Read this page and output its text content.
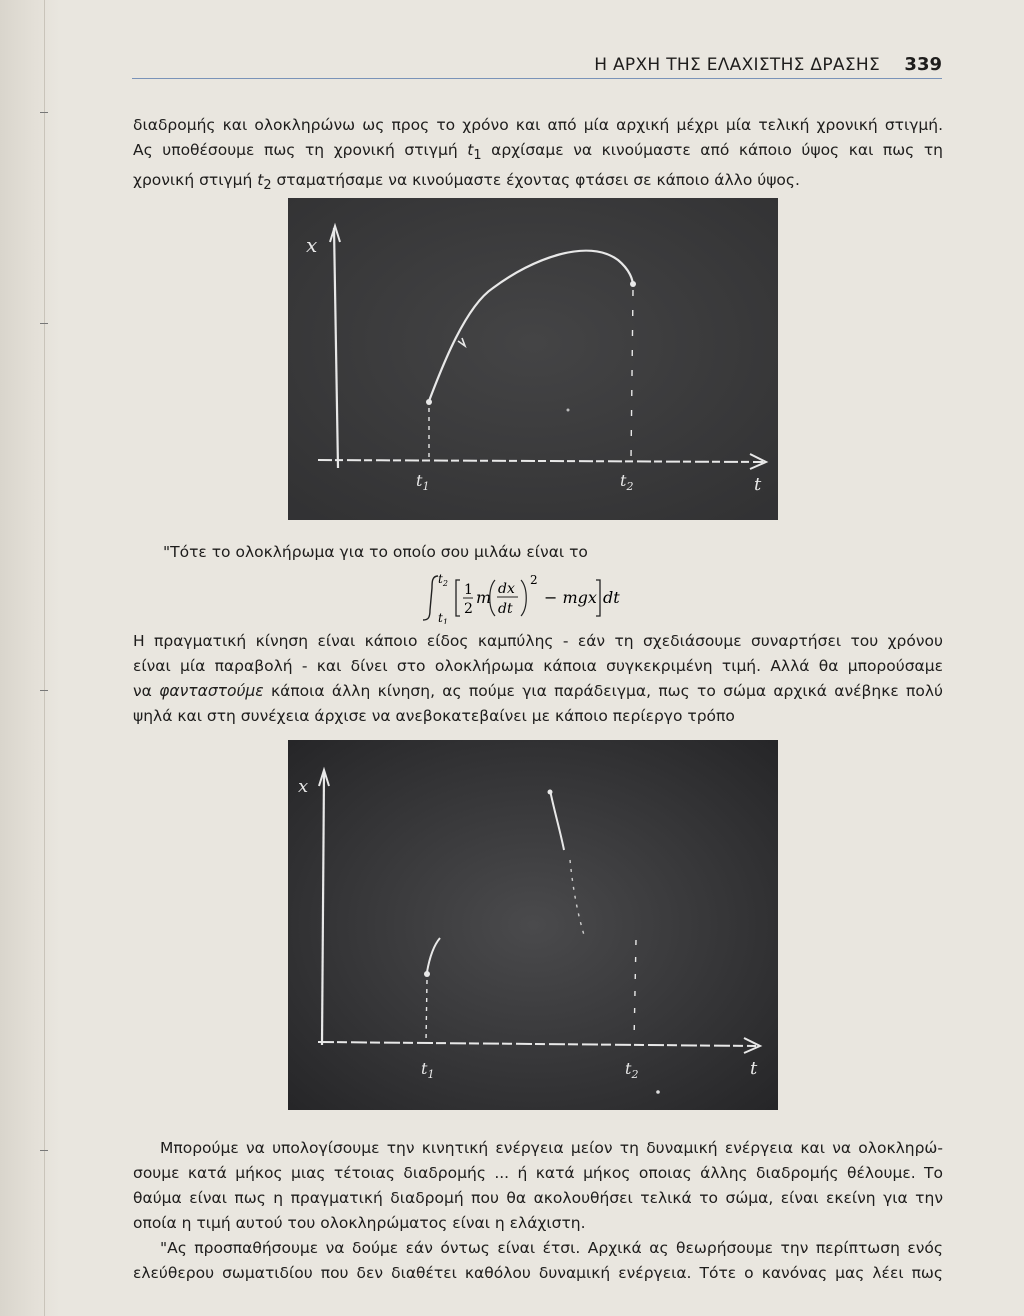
Η ΑΡΧΗ ΤΗΣ ΕΛΑΧΙΣΤΗΣ ΔΡΑΣΗΣ 339
διαδρομής και ολοκληρώνω ως προς το χρόνο και από μία αρχική μέχρι μία τελική χρονική στιγμή.
Ας υποθέσουμε πως τη χρονική στιγμή $t_1$ αρχίσαμε να κινούμαστε από κάποιο ύψος και πως τη
χρονική στιγμή $t_2$ σταματήσαμε να κινούμαστε έχοντας φτάσει σε κάποιο άλλο ύψος.
x
$t_1$	$t_2$	t
"Τότε το ολοκλήρωμα για το οποίο σου μιλάω είναι το
$t_2$
$t_1$
1
2
m dx
dt
2
− mgx dt
Η πραγματική κίνηση είναι κάποιο είδος καμπύλης - εάν τη σχεδιάσουμε συναρτήσει του χρόνου
είναι μία παραβολή - και δίνει στο ολοκλήρωμα κάποια συγκεκριμένη τιμή. Αλλά θα μπορούσαμε
να φανταστούμε κάποια άλλη κίνηση, ας πούμε για παράδειγμα, πως το σώμα αρχικά ανέβηκε πολύ
ψηλά και στη συνέχεια άρχισε να ανεβοκατεβαίνει με κάποιο περίεργο τρόπο
x
$t_1$	$t_2$	t
Μπορούμε να υπολογίσουμε την κινητική ενέργεια μείον τη δυναμική ενέργεια και να ολοκληρώ-
σουμε κατά μήκος μιας τέτοιας διαδρομής ... ή κατά μήκος οποιας άλλης διαδρομής θέλουμε. Το
θαύμα είναι πως η πραγματική διαδρομή που θα ακολουθήσει τελικά το σώμα, είναι εκείνη για την
οποία η τιμή αυτού του ολοκληρώματος είναι η ελάχιστη.
"Ας προσπαθήσουμε να δούμε εάν όντως είναι έτσι. Αρχικά ας θεωρήσουμε την περίπτωση ενός
ελεύθερου σωματιδίου που δεν διαθέτει καθόλου δυναμική ενέργεια. Τότε ο κανόνας μας λέει πως
